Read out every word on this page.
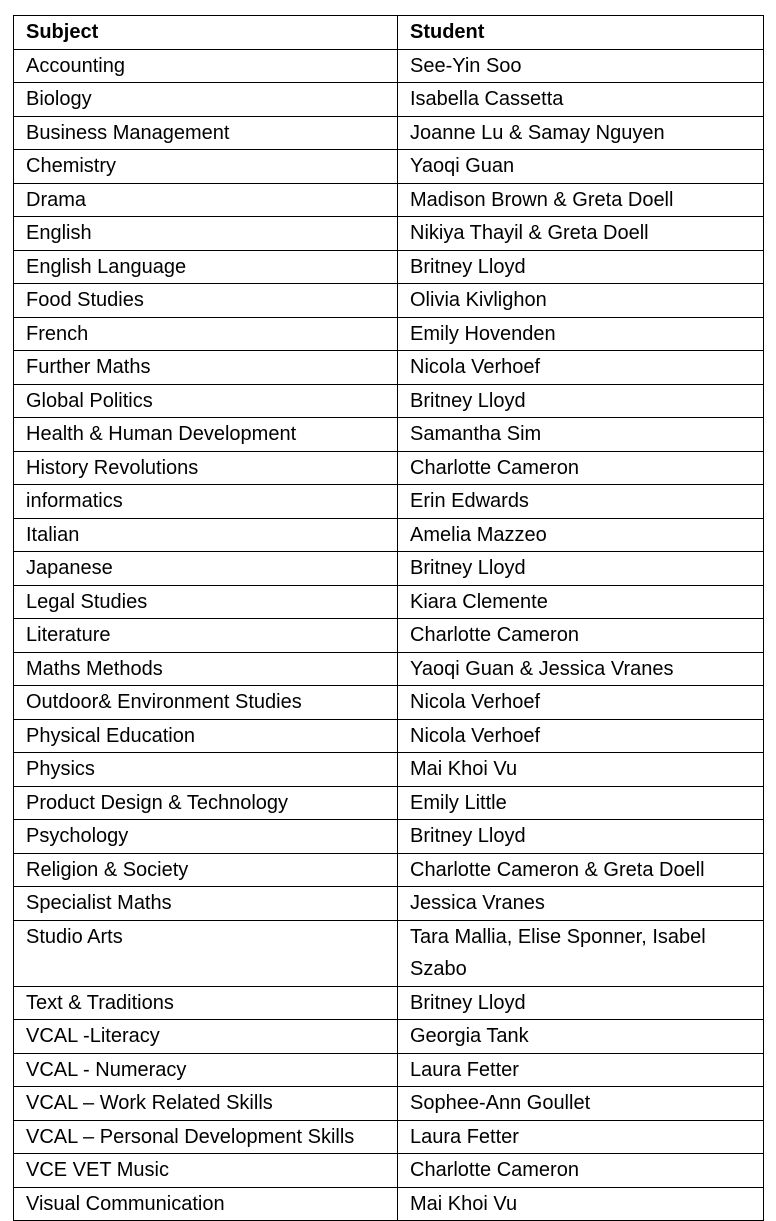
Subject	Student
Accounting	See-Yin Soo
Biology	Isabella Cassetta
Business Management	Joanne Lu & Samay Nguyen
Chemistry	Yaoqi Guan
Drama	Madison Brown & Greta Doell
English	Nikiya Thayil & Greta Doell
English Language	Britney Lloyd
Food Studies	Olivia Kivlighon
French	Emily Hovenden
Further Maths	Nicola Verhoef
Global Politics	Britney Lloyd
Health & Human Development	Samantha Sim
History Revolutions	Charlotte Cameron
informatics	Erin Edwards
Italian	Amelia Mazzeo
Japanese	Britney Lloyd
Legal Studies	Kiara Clemente
Literature	Charlotte Cameron
Maths Methods	Yaoqi Guan & Jessica Vranes
Outdoor& Environment Studies	Nicola Verhoef
Physical Education	Nicola Verhoef
Physics	Mai Khoi Vu
Product Design & Technology	Emily Little
Psychology	Britney Lloyd
Religion & Society	Charlotte Cameron & Greta Doell
Specialist Maths	Jessica Vranes
Studio Arts	Tara Mallia, Elise Sponner, Isabel Szabo
Text & Traditions	Britney Lloyd
VCAL -Literacy	Georgia Tank
VCAL - Numeracy	Laura Fetter
VCAL – Work Related Skills	Sophee-Ann Goullet
VCAL – Personal Development Skills	Laura Fetter
VCE VET Music	Charlotte Cameron
Visual Communication	Mai Khoi Vu
